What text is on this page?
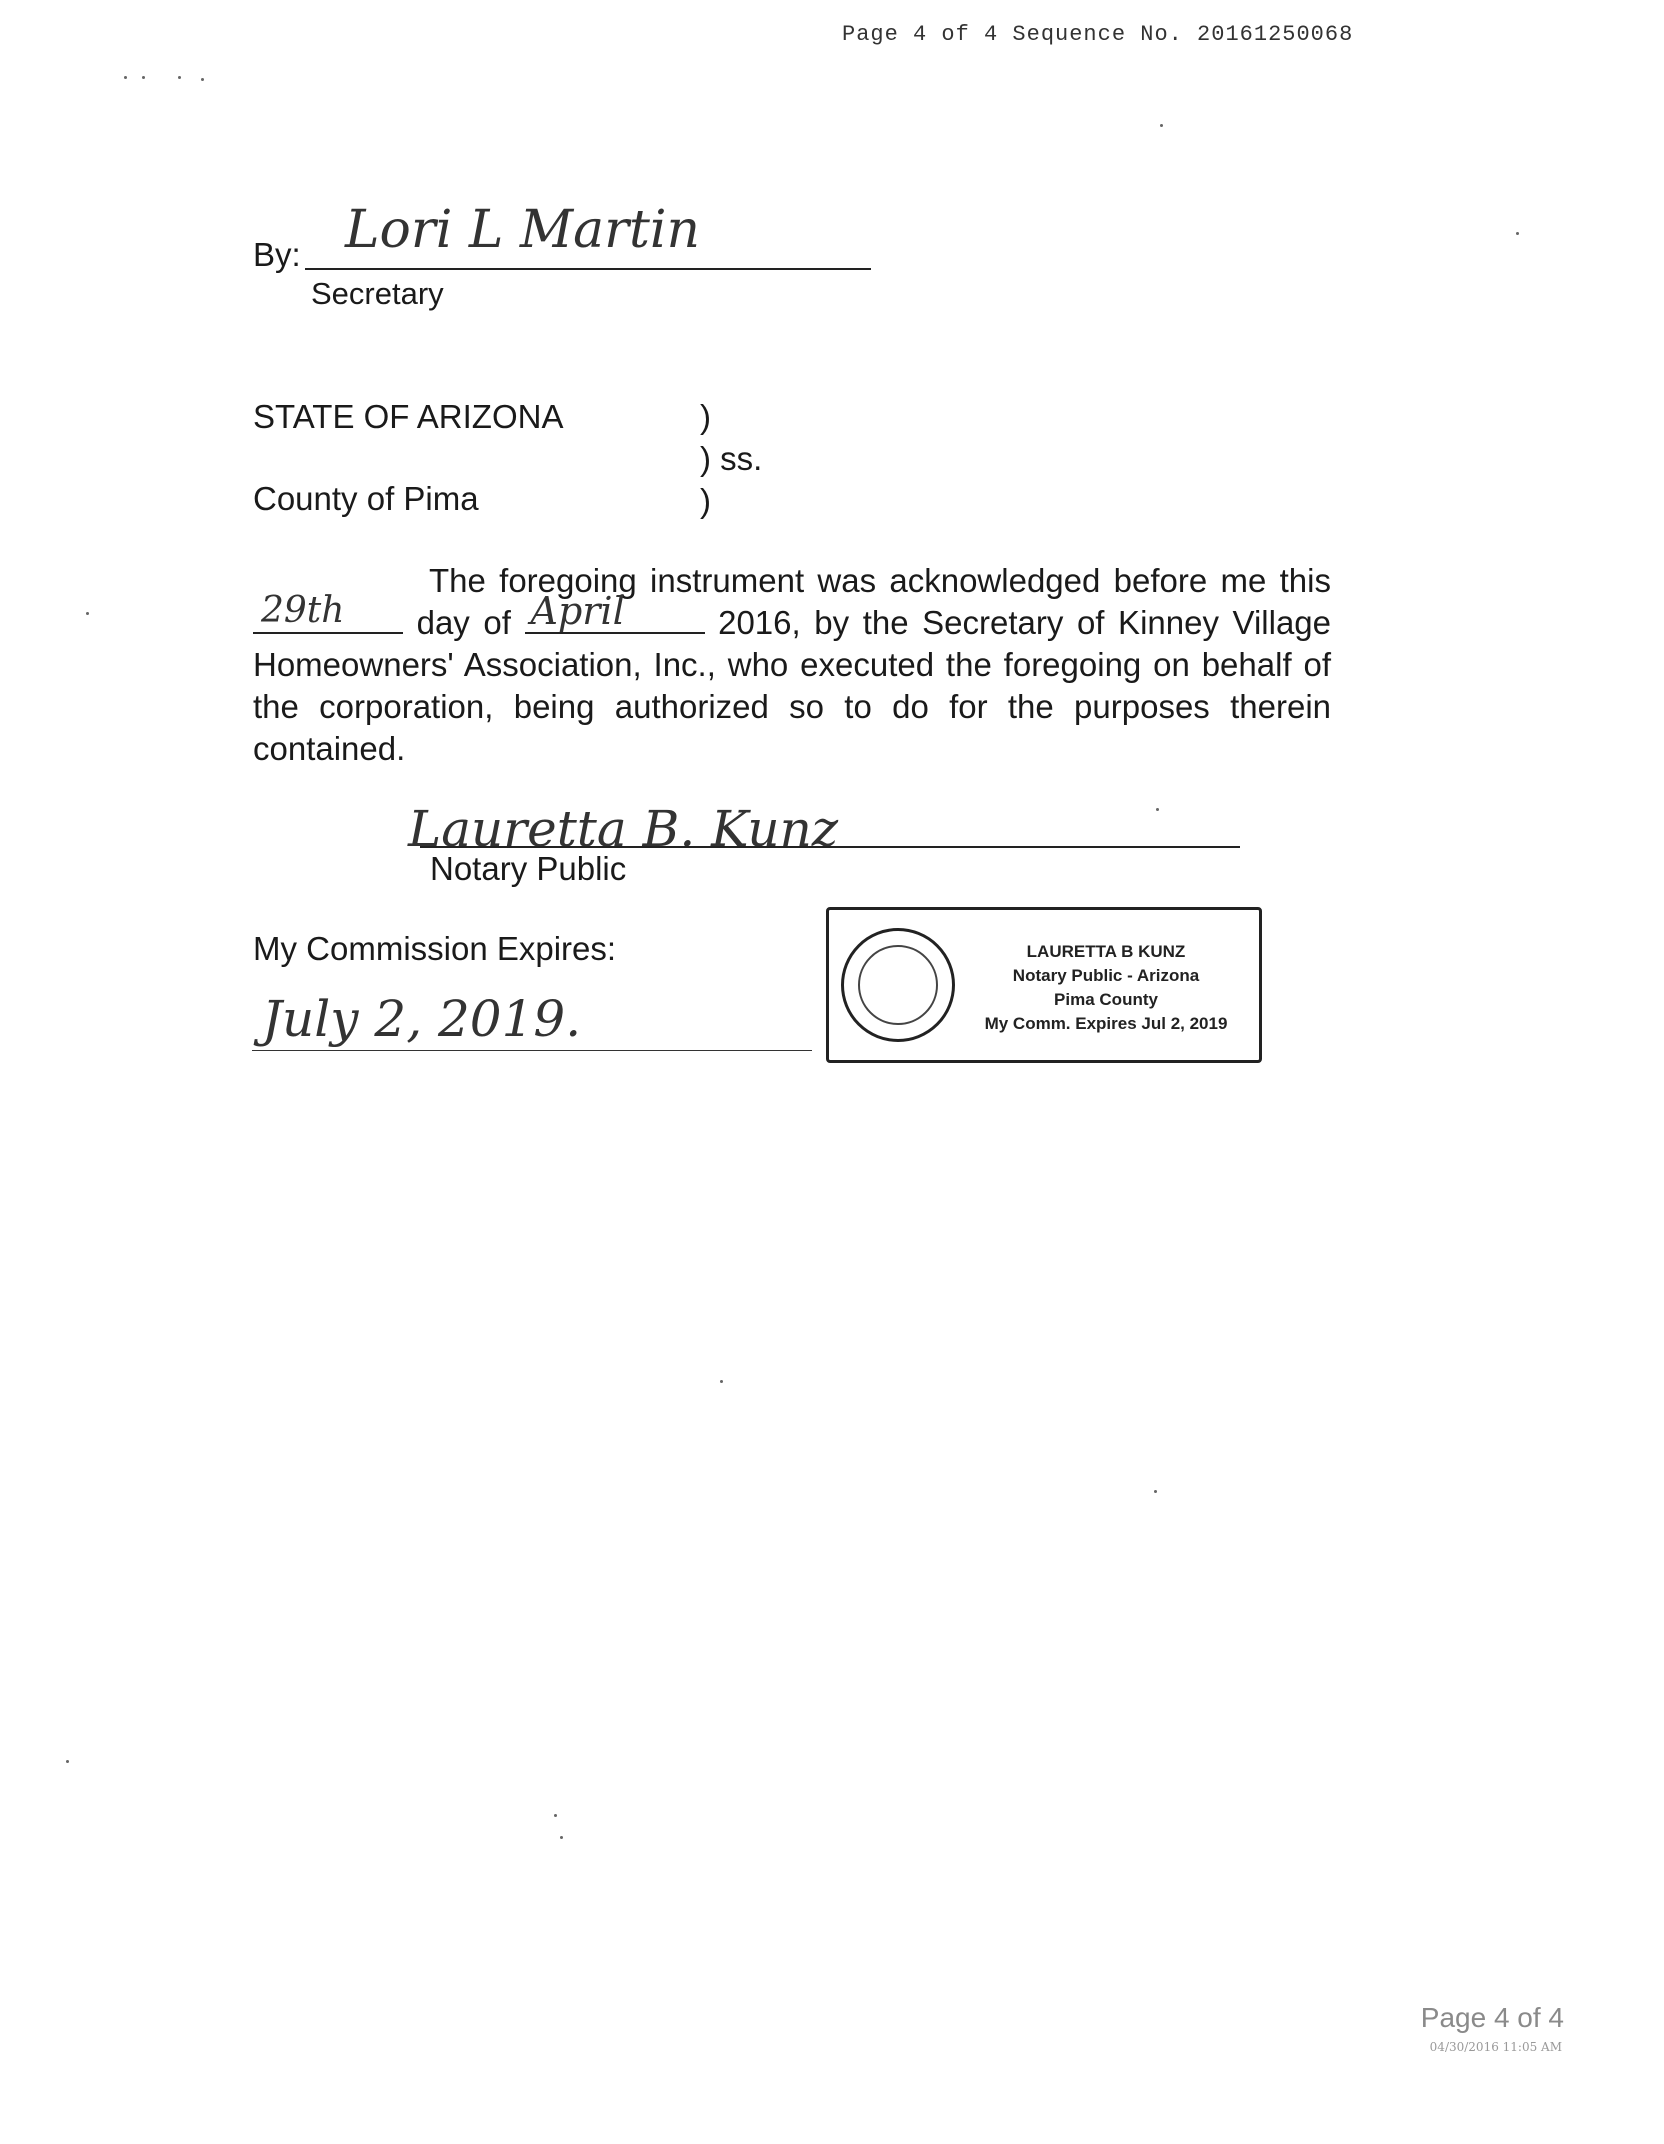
Page 4 of 4 Sequence No. 20161250068
By: Lori L Martin
Secretary
STATE OF ARIZONA	)
) ss.
County of Pima	)
The foregoing instrument was acknowledged before me this
29th day of April	2016, by the Secretary of Kinney Village Homeowners' Association, Inc., who executed the foregoing on behalf of the corporation, being authorized so to do for the purposes therein contained.
Lauretta B. Kunz
Notary Public
My Commission Expires:
July 2, 2019.
LAURETTA B KUNZ
Notary Public - Arizona
Pima County
My Comm. Expires Jul 2, 2019
Page 4 of 4
04/30/2016 11:05 AM
